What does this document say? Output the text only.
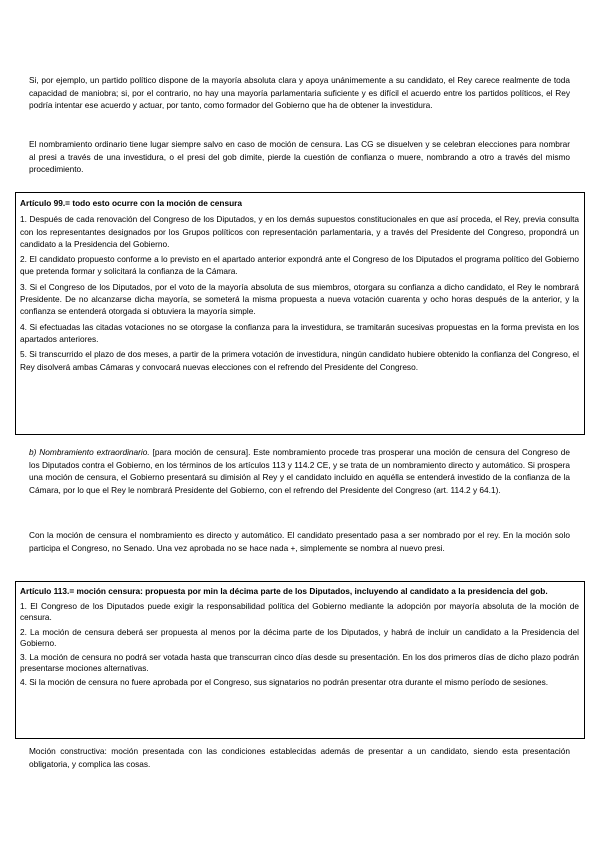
Si, por ejemplo, un partido político dispone de la mayoría absoluta clara y apoya unánimemente a su candidato, el Rey carece realmente de toda capacidad de maniobra; si, por el contrario, no hay una mayoría parlamentaria suficiente y es difícil el acuerdo entre los partidos políticos, el Rey podría intentar ese acuerdo y actuar, por tanto, como formador del Gobierno que ha de obtener la investidura.

El nombramiento ordinario tiene lugar siempre salvo en caso de moción de censura. Las CG se disuelven y se celebran elecciones para nombrar al presi a través de una investidura, o el presi del gob dimite, pierde la cuestión de confianza o muere, nombrando a otro a través del mismo procedimiento.

Artículo 99.= todo esto ocurre con la moción de censura

1. Después de cada renovación del Congreso de los Diputados, y en los demás supuestos constitucionales en que así proceda, el Rey, previa consulta con los representantes designados por los Grupos políticos con representación parlamentaria, y a través del Presidente del Congreso, propondrá un candidato a la Presidencia del Gobierno.

2. El candidato propuesto conforme a lo previsto en el apartado anterior expondrá ante el Congreso de los Diputados el programa político del Gobierno que pretenda formar y solicitará la confianza de la Cámara.

3. Si el Congreso de los Diputados, por el voto de la mayoría absoluta de sus miembros, otorgara su confianza a dicho candidato, el Rey le nombrará Presidente. De no alcanzarse dicha mayoría, se someterá la misma propuesta a nueva votación cuarenta y ocho horas después de la anterior, y la confianza se entenderá otorgada si obtuviera la mayoría simple.

4. Si efectuadas las citadas votaciones no se otorgase la confianza para la investidura, se tramitarán sucesivas propuestas en la forma prevista en los apartados anteriores.

5. Si transcurrido el plazo de dos meses, a partir de la primera votación de investidura, ningún candidato hubiere obtenido la confianza del Congreso, el Rey disolverá ambas Cámaras y convocará nuevas elecciones con el refrendo del Presidente del Congreso.

b) Nombramiento extraordinario. [para moción de censura]. Este nombramiento procede tras prosperar una moción de censura del Congreso de los Diputados contra el Gobierno, en los términos de los artículos 113 y 114.2 CE, y se trata de un nombramiento directo y automático. Si prospera una moción de censura, el Gobierno presentará su dimisión al Rey y el candidato incluido en aquélla se entenderá investido de la confianza de la Cámara, por lo que el Rey le nombrará Presidente del Gobierno, con el refrendo del Presidente del Congreso (art. 114.2 y 64.1).

Con la moción de censura el nombramiento es directo y automático. El candidato presentado pasa a ser nombrado por el rey. En la moción solo participa el Congreso, no Senado. Una vez aprobada no se hace nada +, simplemente se nombra al nuevo presi.

Artículo 113.= moción censura: propuesta por min la décima parte de los Diputados, incluyendo al candidato a la presidencia del gob.

1. El Congreso de los Diputados puede exigir la responsabilidad política del Gobierno mediante la adopción por mayoría absoluta de la moción de censura.

2. La moción de censura deberá ser propuesta al menos por la décima parte de los Diputados, y habrá de incluir un candidato a la Presidencia del Gobierno.

3. La moción de censura no podrá ser votada hasta que transcurran cinco días desde su presentación. En los dos primeros días de dicho plazo podrán presentarse mociones alternativas.

4. Si la moción de censura no fuere aprobada por el Congreso, sus signatarios no podrán presentar otra durante el mismo período de sesiones.

Moción constructiva: moción presentada con las condiciones establecidas además de presentar a un candidato, siendo esta presentación obligatoria, y complica las cosas.
